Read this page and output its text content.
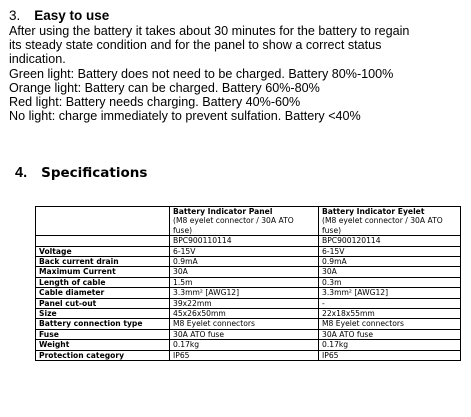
3. Easy to use

After using the battery it takes about 30 minutes for the battery to regain

its steady state condition and for the panel to show a correct status

indication.

Green light: Battery does not need to be charged. Battery 80%-100%

Orange light: Battery can be charged. Battery 60%-80%

Red light: Battery needs charging. Battery 40%-60%

No light: charge immediately to prevent sulfation. Battery <40%

4. Specifications
	Battery Indicator Panel	Battery Indicator Eyelet
	(M8 eyelet connector / 30A ATO fuse)	(M8 eyelet connector / 30A ATO fuse)
	BPC900110114	BPC900120114
Voltage	6-15V	6-15V
Back current drain	0.9mA	0.9mA
Maximum Current	30A	30A
Length of cable	1.5m	0.3m
Cable diameter	3.3mm² [AWG12]	3.3mm² [AWG12]
Panel cut-out	39x22mm	-
Size	45x26x50mm	22x18x55mm
Battery connection type	M8 Eyelet connectors	M8 Eyelet connectors
Fuse	30A ATO fuse	30A ATO fuse
Weight	0.17kg	0.17kg
Protection category	IP65	IP65
